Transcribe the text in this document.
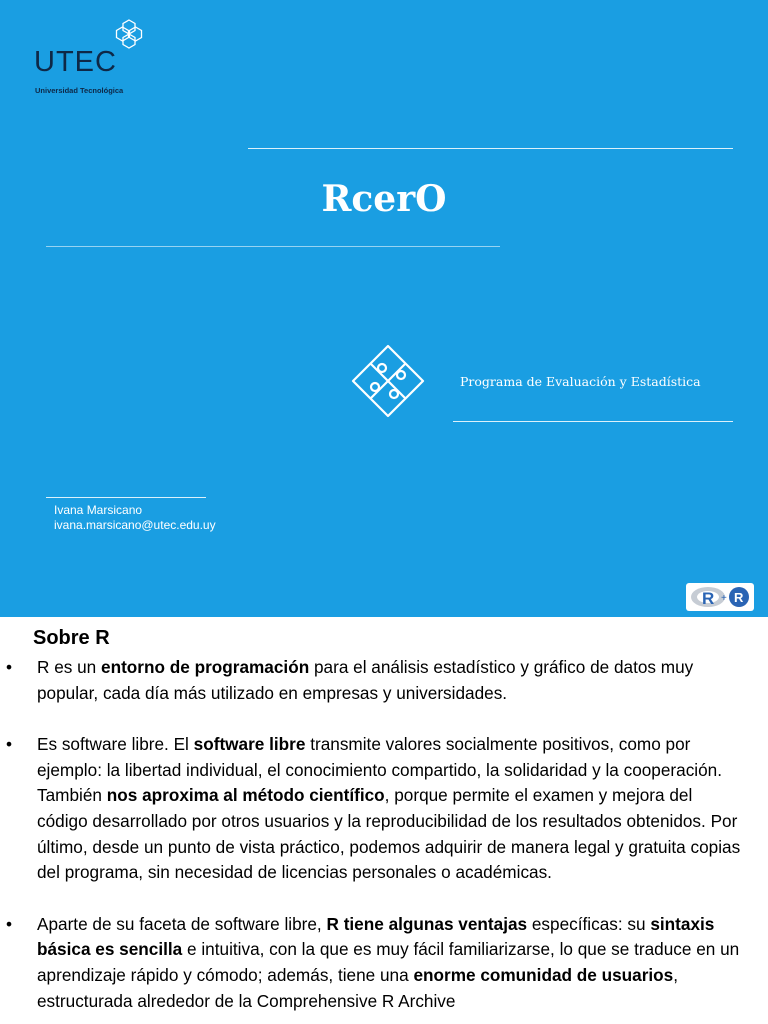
UTEC
Universidad Tecnológica
RcerO
Programa de Evaluación y Estadística
Ivana Marsicano
ivana.marsicano@utec.edu.uy
R + R
Sobre R

• R es un entorno de programación para el análisis estadístico y gráfico de datos muy popular, cada día más utilizado en empresas y universidades.

• Es software libre. El software libre transmite valores socialmente positivos, como por ejemplo: la libertad individual, el conocimiento compartido, la solidaridad y la cooperación. También nos aproxima al método científico, porque permite el examen y mejora del código desarrollado por otros usuarios y la reproducibilidad de los resultados obtenidos. Por último, desde un punto de vista práctico, podemos adquirir de manera legal y gratuita copias del programa, sin necesidad de licencias personales o académicas.

• Aparte de su faceta de software libre, R tiene algunas ventajas específicas: su sintaxis básica es sencilla e intuitiva, con la que es muy fácil familiarizarse, lo que se traduce en un aprendizaje rápido y cómodo; además, tiene una enorme comunidad de usuarios, estructurada alrededor de la Comprehensive R Archive
